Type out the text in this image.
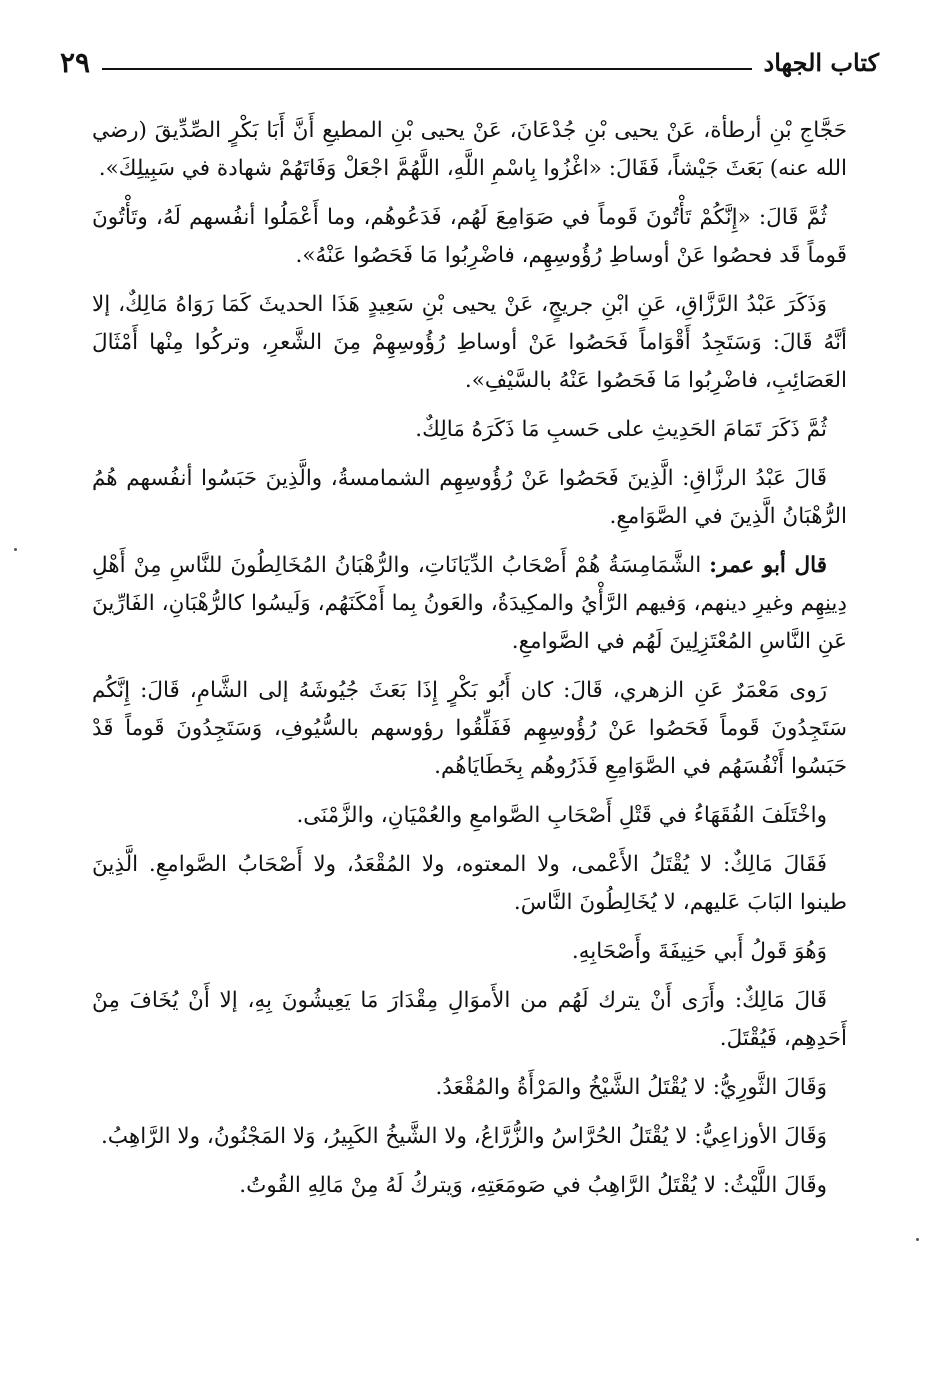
كتاب الجهاد
٢٩

حَجَّاجِ بْنِ أرطأة، عَنْ يحيى بْنِ جُدْعَانَ، عَنْ يحيى بْنِ المطيعِ أَنَّ أَبَا بَكْرٍ الصِّدِّيقَ (رضي الله عنه) بَعَثَ جَيْشاً، فَقَالَ: «اغْزُوا بِاسْمِ اللَّهِ، اللَّهُمَّ اجْعَلْ وَفَاتَهُمْ شهادة في سَبِيلِكَ».

ثُمَّ قَالَ: «إِنَّكُمْ تَأْتُونَ قَوماً في صَوَامِعَ لَهُم، فَدَعُوهُم، وما أَعْمَلُوا أنفُسهم لَهُ، وتَأْتُونَ قَوماً قَد فحصُوا عَنْ أوساطِ رُؤُوسِهِم، فاضْرِبُوا مَا فَحَصُوا عَنْهُ».

وَذَكَرَ عَبْدُ الرَّزَّاقِ، عَنِ ابْنِ جريجٍ، عَنْ يحيى بْنِ سَعِيدٍ هَذَا الحديثَ كَمَا رَوَاهُ مَالِكٌ، إلا أنَّهُ قَالَ: وَسَتَجِدُ أَقْوَاماً فَحَصُوا عَنْ أوساطِ رُؤُوسِهِمْ مِنَ الشَّعرِ، وتركُوا مِنْها أَمْثَالَ العَصَائِبِ، فاضْرِبُوا مَا فَحَصُوا عَنْهُ بالسَّيْفِ».

ثُمَّ ذَكَرَ تَمَامَ الحَدِيثِ على حَسبِ مَا ذَكَرَهُ مَالِكٌ.

قَالَ عَبْدُ الرزَّاقِ: الَّذِينَ فَحَصُوا عَنْ رُؤُوسِهِم الشمامسةُ، والَّذِينَ حَبَسُوا أنفُسهم هُمُ الرُّهْبَانُ الَّذِينَ في الصَّوَامعِ.

قال أبو عمر: الشَّمَامِسَةُ هُمْ أَصْحَابُ الدِّيَانَاتِ، والرُّهْبَانُ المُخَالِطُونَ للنَّاسِ مِنْ أَهْلِ دِينِهِم وغيرِ دينهم، وَفيهم الرَّأْيُ والمكِيدَةُ، والعَونُ بِما أَمْكَنَهُم، وَلَيسُوا كالرُّهْبَانِ، الفَارِّينَ عَنِ النَّاسِ المُعْتَزِلِينَ لَهُم في الصَّوامعِ.

رَوى مَعْمَرٌ عَنِ الزهري، قَالَ: كان أَبُو بَكْرٍ إِذَا بَعَثَ جُيُوشَهُ إلى الشَّامِ، قَالَ: إِنَّكُم سَتَجِدُونَ قَوماً فَحَصُوا عَنْ رُؤُوسِهِم فَفَلِّقُوا رؤوسهم بالسُّيُوفِ، وَسَتَجِدُونَ قَوماً قَدْ حَبَسُوا أَنْفُسَهُم في الصَّوَامِعِ فَذَرُوهُم بِخَطَايَاهُم.

واخْتَلَفَ الفُقَهَاءُ في قَتْلِ أَصْحَابِ الصَّوامعِ والعُمْيَانِ، والزَّمْنَى.

فَقَالَ مَالِكٌ: لا يُقْتَلُ الأَعْمى، ولا المعتوه، ولا المُقْعَدُ، ولا أَصْحَابُ الصَّوامعِ. الَّذِينَ طينوا البَابَ عَليهم، لا يُخَالِطُونَ النَّاسَ.

وَهُوَ قَولُ أَبي حَنِيفَةَ وأَصْحَابِهِ.

قَالَ مَالِكٌ: وأَرَى أَنْ يترك لَهُم من الأَموَالِ مِقْدَارَ مَا يَعِيشُونَ بِهِ، إلا أَنْ يُخَافَ مِنْ أَحَدِهِم، فَيُقْتَلَ.

وَقَالَ الثَّورِيُّ: لا يُقْتَلُ الشَّيْخُ والمَرْأَةُ والمُقْعَدُ.

وَقَالَ الأوزاعِيُّ: لا يُقْتَلُ الحُرَّاسُ والزُّرَّاعُ، ولا الشَّيخُ الكَبِيرُ، وَلا المَجْنُونُ، ولا الرَّاهِبُ.

وقَالَ اللَّيْثُ: لا يُقْتَلُ الرَّاهِبُ في صَومَعَتِهِ، وَيتركُ لَهُ مِنْ مَالِهِ القُوتُ.
